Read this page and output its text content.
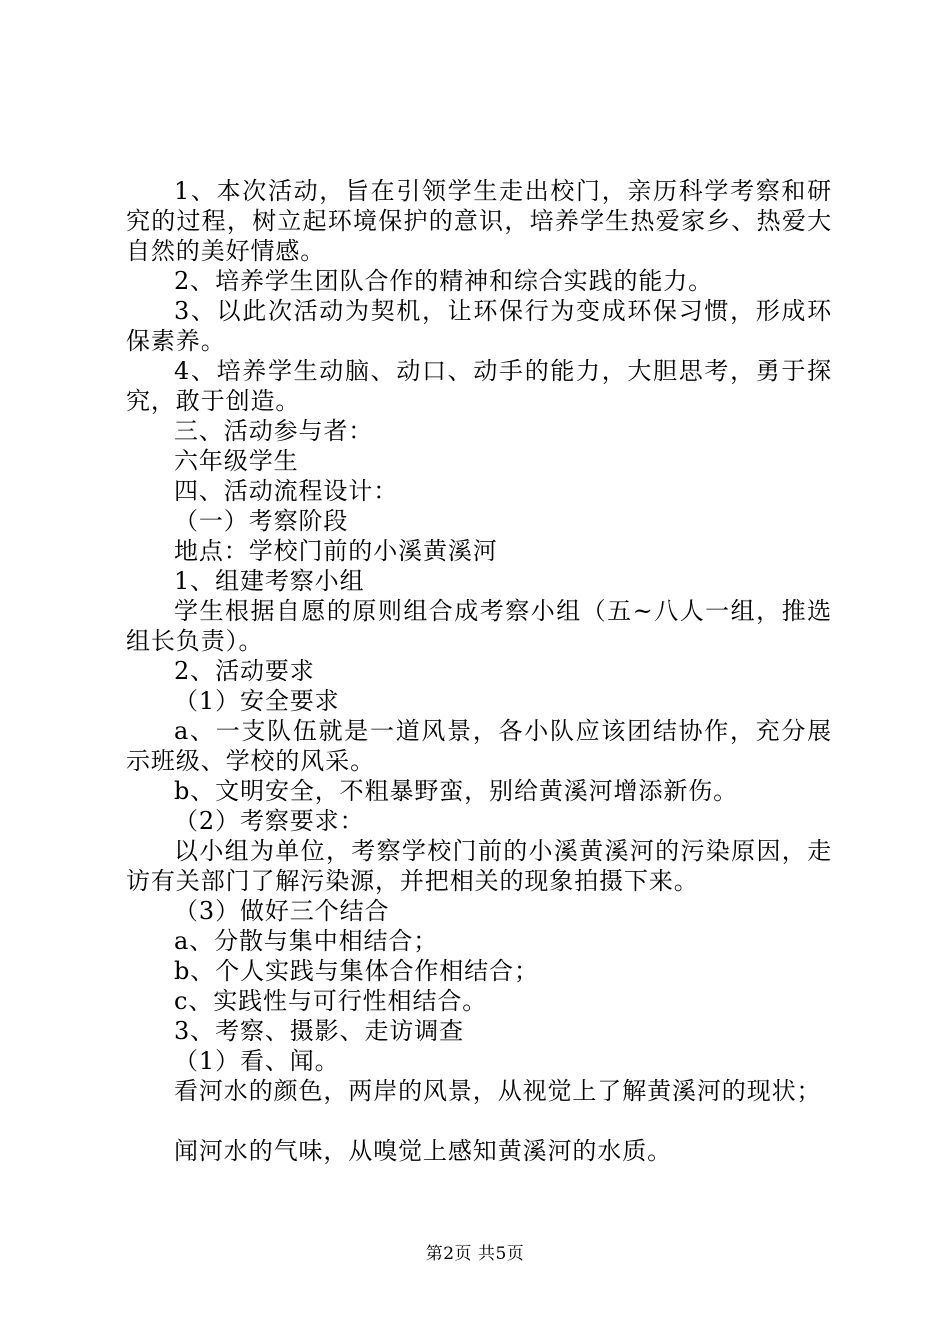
1、本次活动，旨在引领学生走出校门，亲历科学考察和研究的过程，树立起环境保护的意识，培养学生热爱家乡、热爱大自然的美好情感。

2、培养学生团队合作的精神和综合实践的能力。

3、以此次活动为契机，让环保行为变成环保习惯，形成环保素养。

4、培养学生动脑、动口、动手的能力，大胆思考，勇于探究，敢于创造。

三、活动参与者：

六年级学生

四、活动流程设计：

（一）考察阶段

地点：学校门前的小溪黄溪河

1、组建考察小组

学生根据自愿的原则组合成考察小组（五~八人一组，推选组长负责）。

2、活动要求

（1）安全要求

a、一支队伍就是一道风景，各小队应该团结协作，充分展示班级、学校的风采。

b、文明安全，不粗暴野蛮，别给黄溪河增添新伤。

（2）考察要求：

以小组为单位，考察学校门前的小溪黄溪河的污染原因，走访有关部门了解污染源，并把相关的现象拍摄下来。

（3）做好三个结合

a、分散与集中相结合；

b、个人实践与集体合作相结合；

c、实践性与可行性相结合。

3、考察、摄影、走访调查

（1）看、闻。

看河水的颜色，两岸的风景，从视觉上了解黄溪河的现状；

闻河水的气味，从嗅觉上感知黄溪河的水质。

第2页 共5页
